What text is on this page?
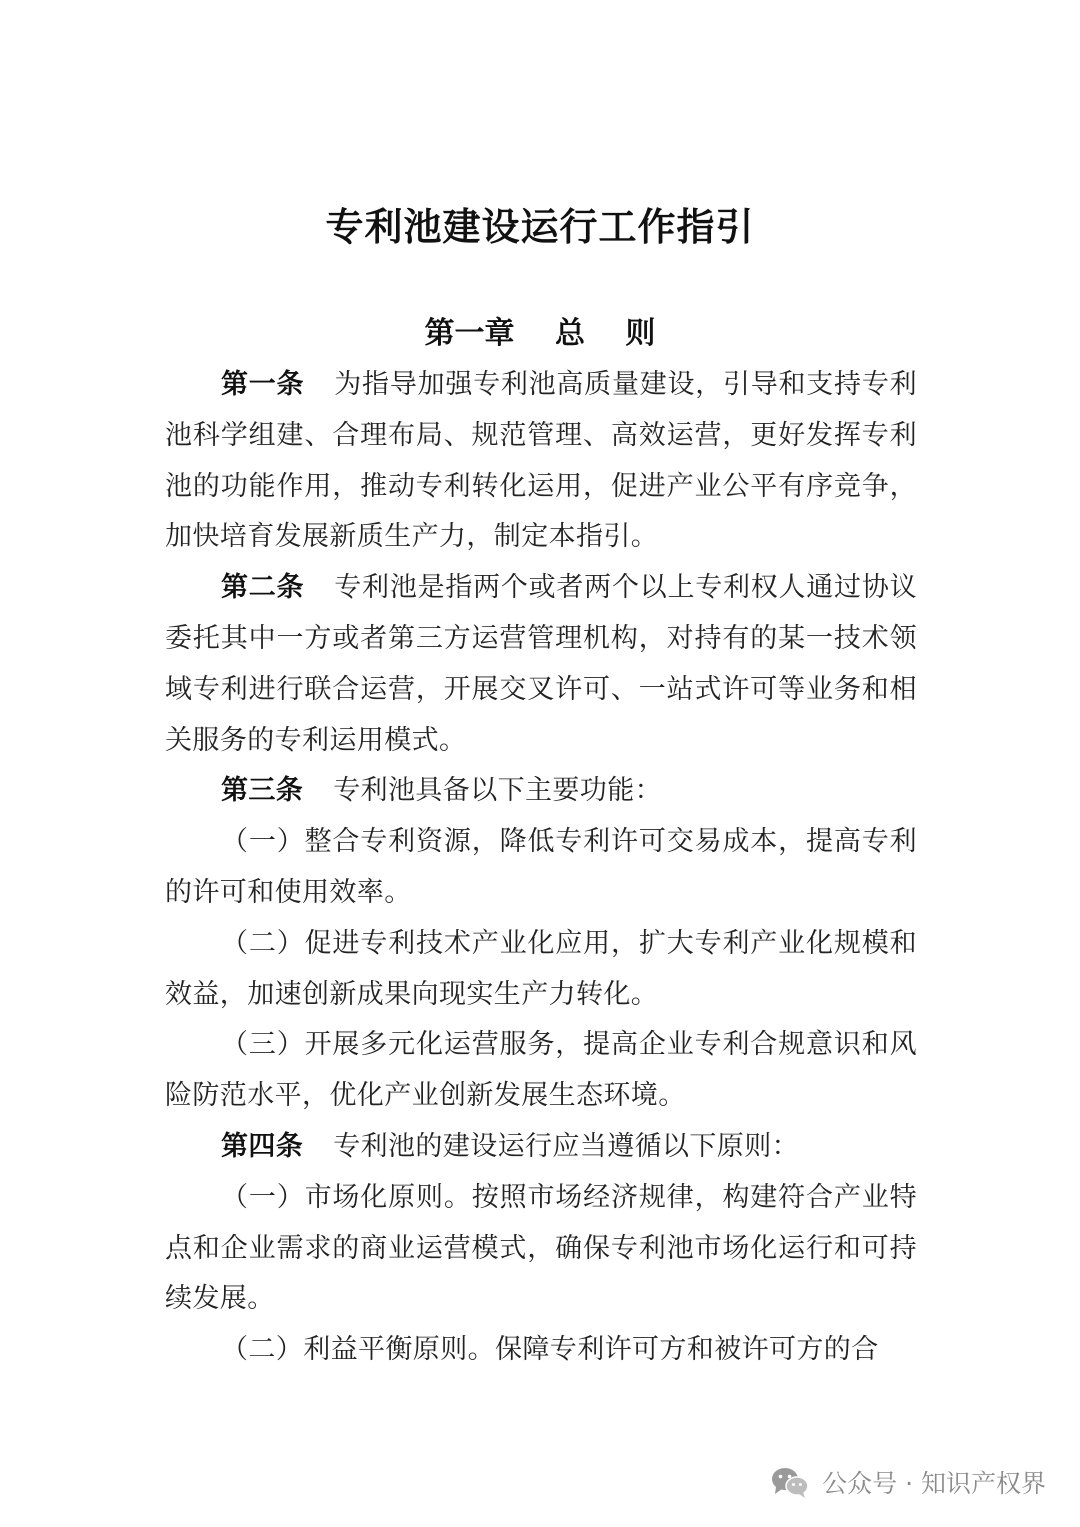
专利池建设运行工作指引
第一章　 总　 则

第一条 为指导加强专利池高质量建设，引导和支持专利池科学组建、合理布局、规范管理、高效运营，更好发挥专利池的功能作用，推动专利转化运用，促进产业公平有序竞争，加快培育发展新质生产力，制定本指引。

第二条 专利池是指两个或者两个以上专利权人通过协议委托其中一方或者第三方运营管理机构，对持有的某一技术领域专利进行联合运营，开展交叉许可、一站式许可等业务和相关服务的专利运用模式。

第三条 专利池具备以下主要功能：

（一）整合专利资源，降低专利许可交易成本，提高专利的许可和使用效率。

（二）促进专利技术产业化应用，扩大专利产业化规模和效益，加速创新成果向现实生产力转化。

（三）开展多元化运营服务，提高企业专利合规意识和风险防范水平，优化产业创新发展生态环境。

第四条 专利池的建设运行应当遵循以下原则：

（一）市场化原则。按照市场经济规律，构建符合产业特点和企业需求的商业运营模式，确保专利池市场化运行和可持续发展。

（二）利益平衡原则。保障专利许可方和被许可方的合

公众号 · 知识产权界
